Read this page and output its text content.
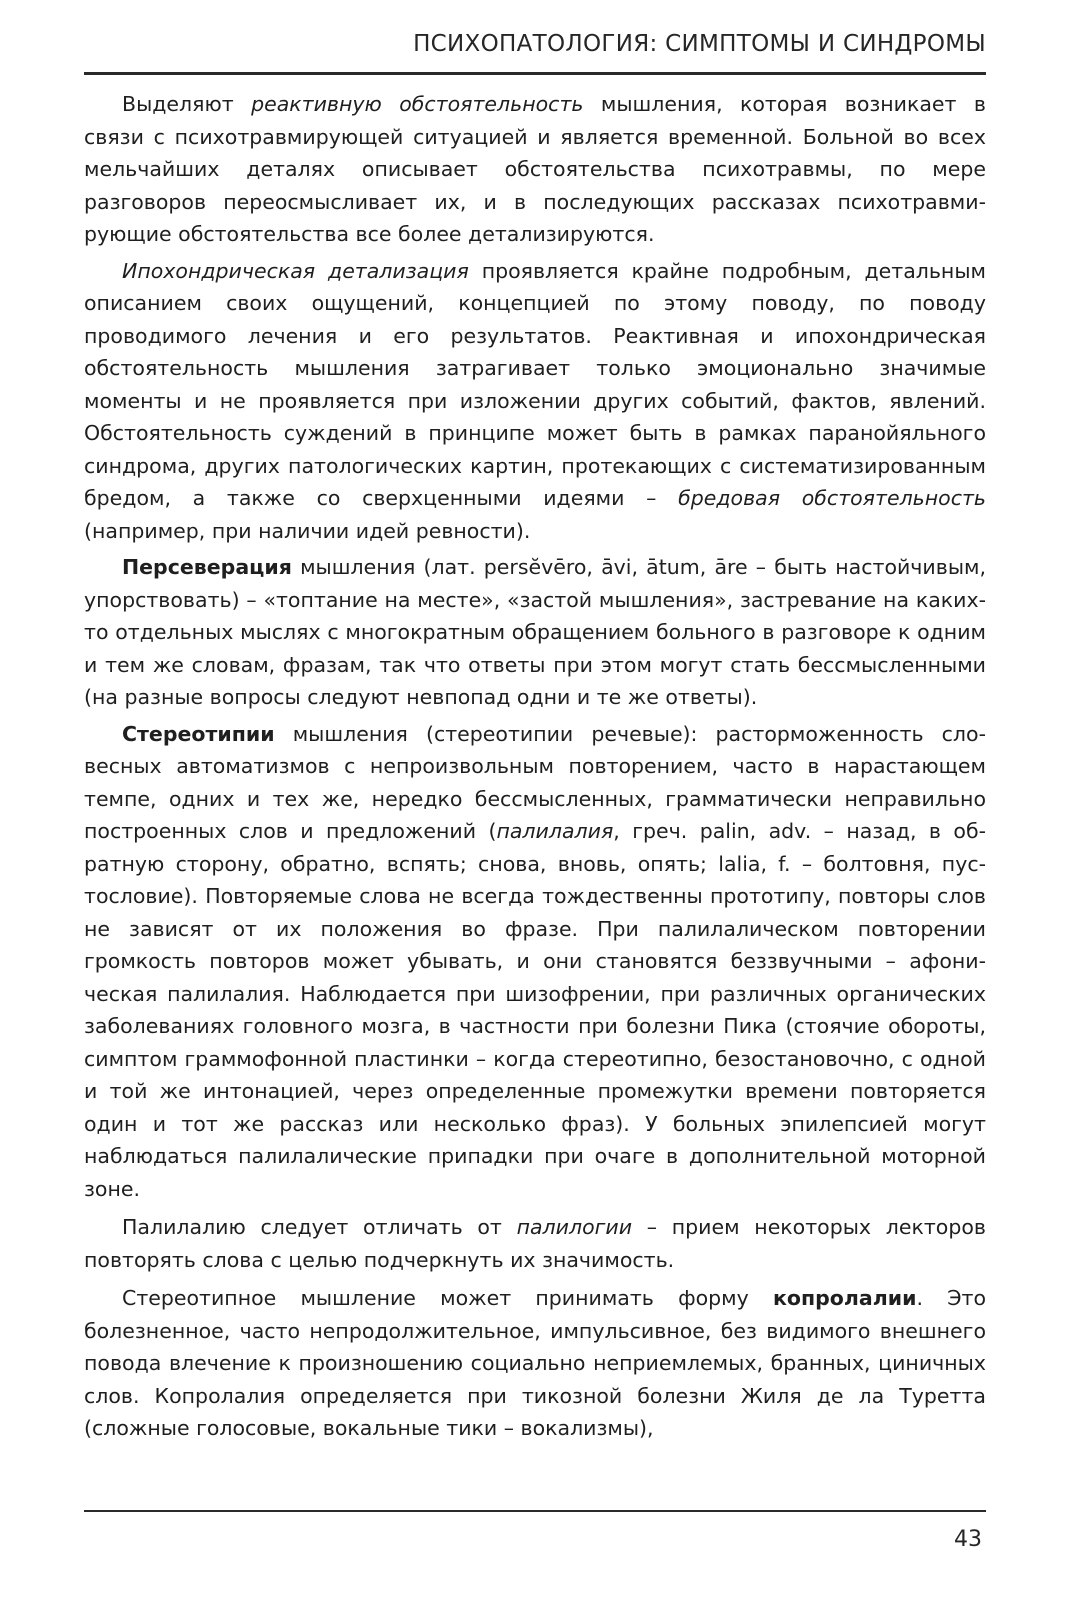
ПСИХОПАТОЛОГИЯ: СИМПТОМЫ И СИНДРОМЫ

Выделяют реактивную обстоятельность мышления, которая возникает в связи с психотравмирующей ситуацией и является временной. Больной во всех мельчайших деталях описывает обстоятельства психотравмы, по мере разговоров переосмысливает их, и в последующих рассказах психотравмирующие обстоятельства все более детализируются.

Ипохондрическая детализация проявляется крайне подробным, детальным описанием своих ощущений, концепцией по этому поводу, по поводу проводимого лечения и его результатов. Реактивная и ипохондрическая обстоятельность мышления затрагивает только эмоционально значимые моменты и не проявляется при изложении других событий, фактов, явлений. Обстоятельность суждений в принципе может быть в рамках паранойяльного синдрома, других патологических картин, протекающих с систематизированным бредом, а также со сверхценными идеями – бредовая обстоятельность (например, при наличии идей ревности).

Персеверация мышления (лат. persĕvēro, āvi, ātum, āre – быть настойчивым, упорствовать) – «топтание на месте», «застой мышления», застревание на каких-то отдельных мыслях с многократным обращением больного в разговоре к одним и тем же словам, фразам, так что ответы при этом могут стать бессмысленными (на разные вопросы следуют невпопад одни и те же ответы).

Стереотипии мышления (стереотипии речевые): расторможенность словесных автоматизмов с непроизвольным повторением, часто в нарастающем темпе, одних и тех же, нередко бессмысленных, грамматически неправильно построенных слов и предложений (палилалия, греч. palin, adv. – назад, в обратную сторону, обратно, вспять; снова, вновь, опять; lalia, f. – болтовня, пустословие). Повторяемые слова не всегда тождественны прототипу, повторы слов не зависят от их положения во фразе. При палилалическом повторении громкость повторов может убывать, и они становятся беззвучными – афоническая палилалия. Наблюдается при шизофрении, при различных органических заболеваниях головного мозга, в частности при болезни Пика (стоячие обороты, симптом граммофонной пластинки – когда стереотипно, безостановочно, с одной и той же интонацией, через определенные промежутки времени повторяется один и тот же рассказ или несколько фраз). У больных эпилепсией могут наблюдаться палилалические припадки при очаге в дополнительной моторной зоне.

Палилалию следует отличать от палилогии – прием некоторых лекторов повторять слова с целью подчеркнуть их значимость.

Стереотипное мышление может принимать форму копролалии. Это болезненное, часто непродолжительное, импульсивное, без видимого внешнего повода влечение к произношению социально неприемлемых, бранных, циничных слов. Копролалия определяется при тикозной болезни Жиля де ла Туретта (сложные голосовые, вокальные тики – вокализмы),

43
